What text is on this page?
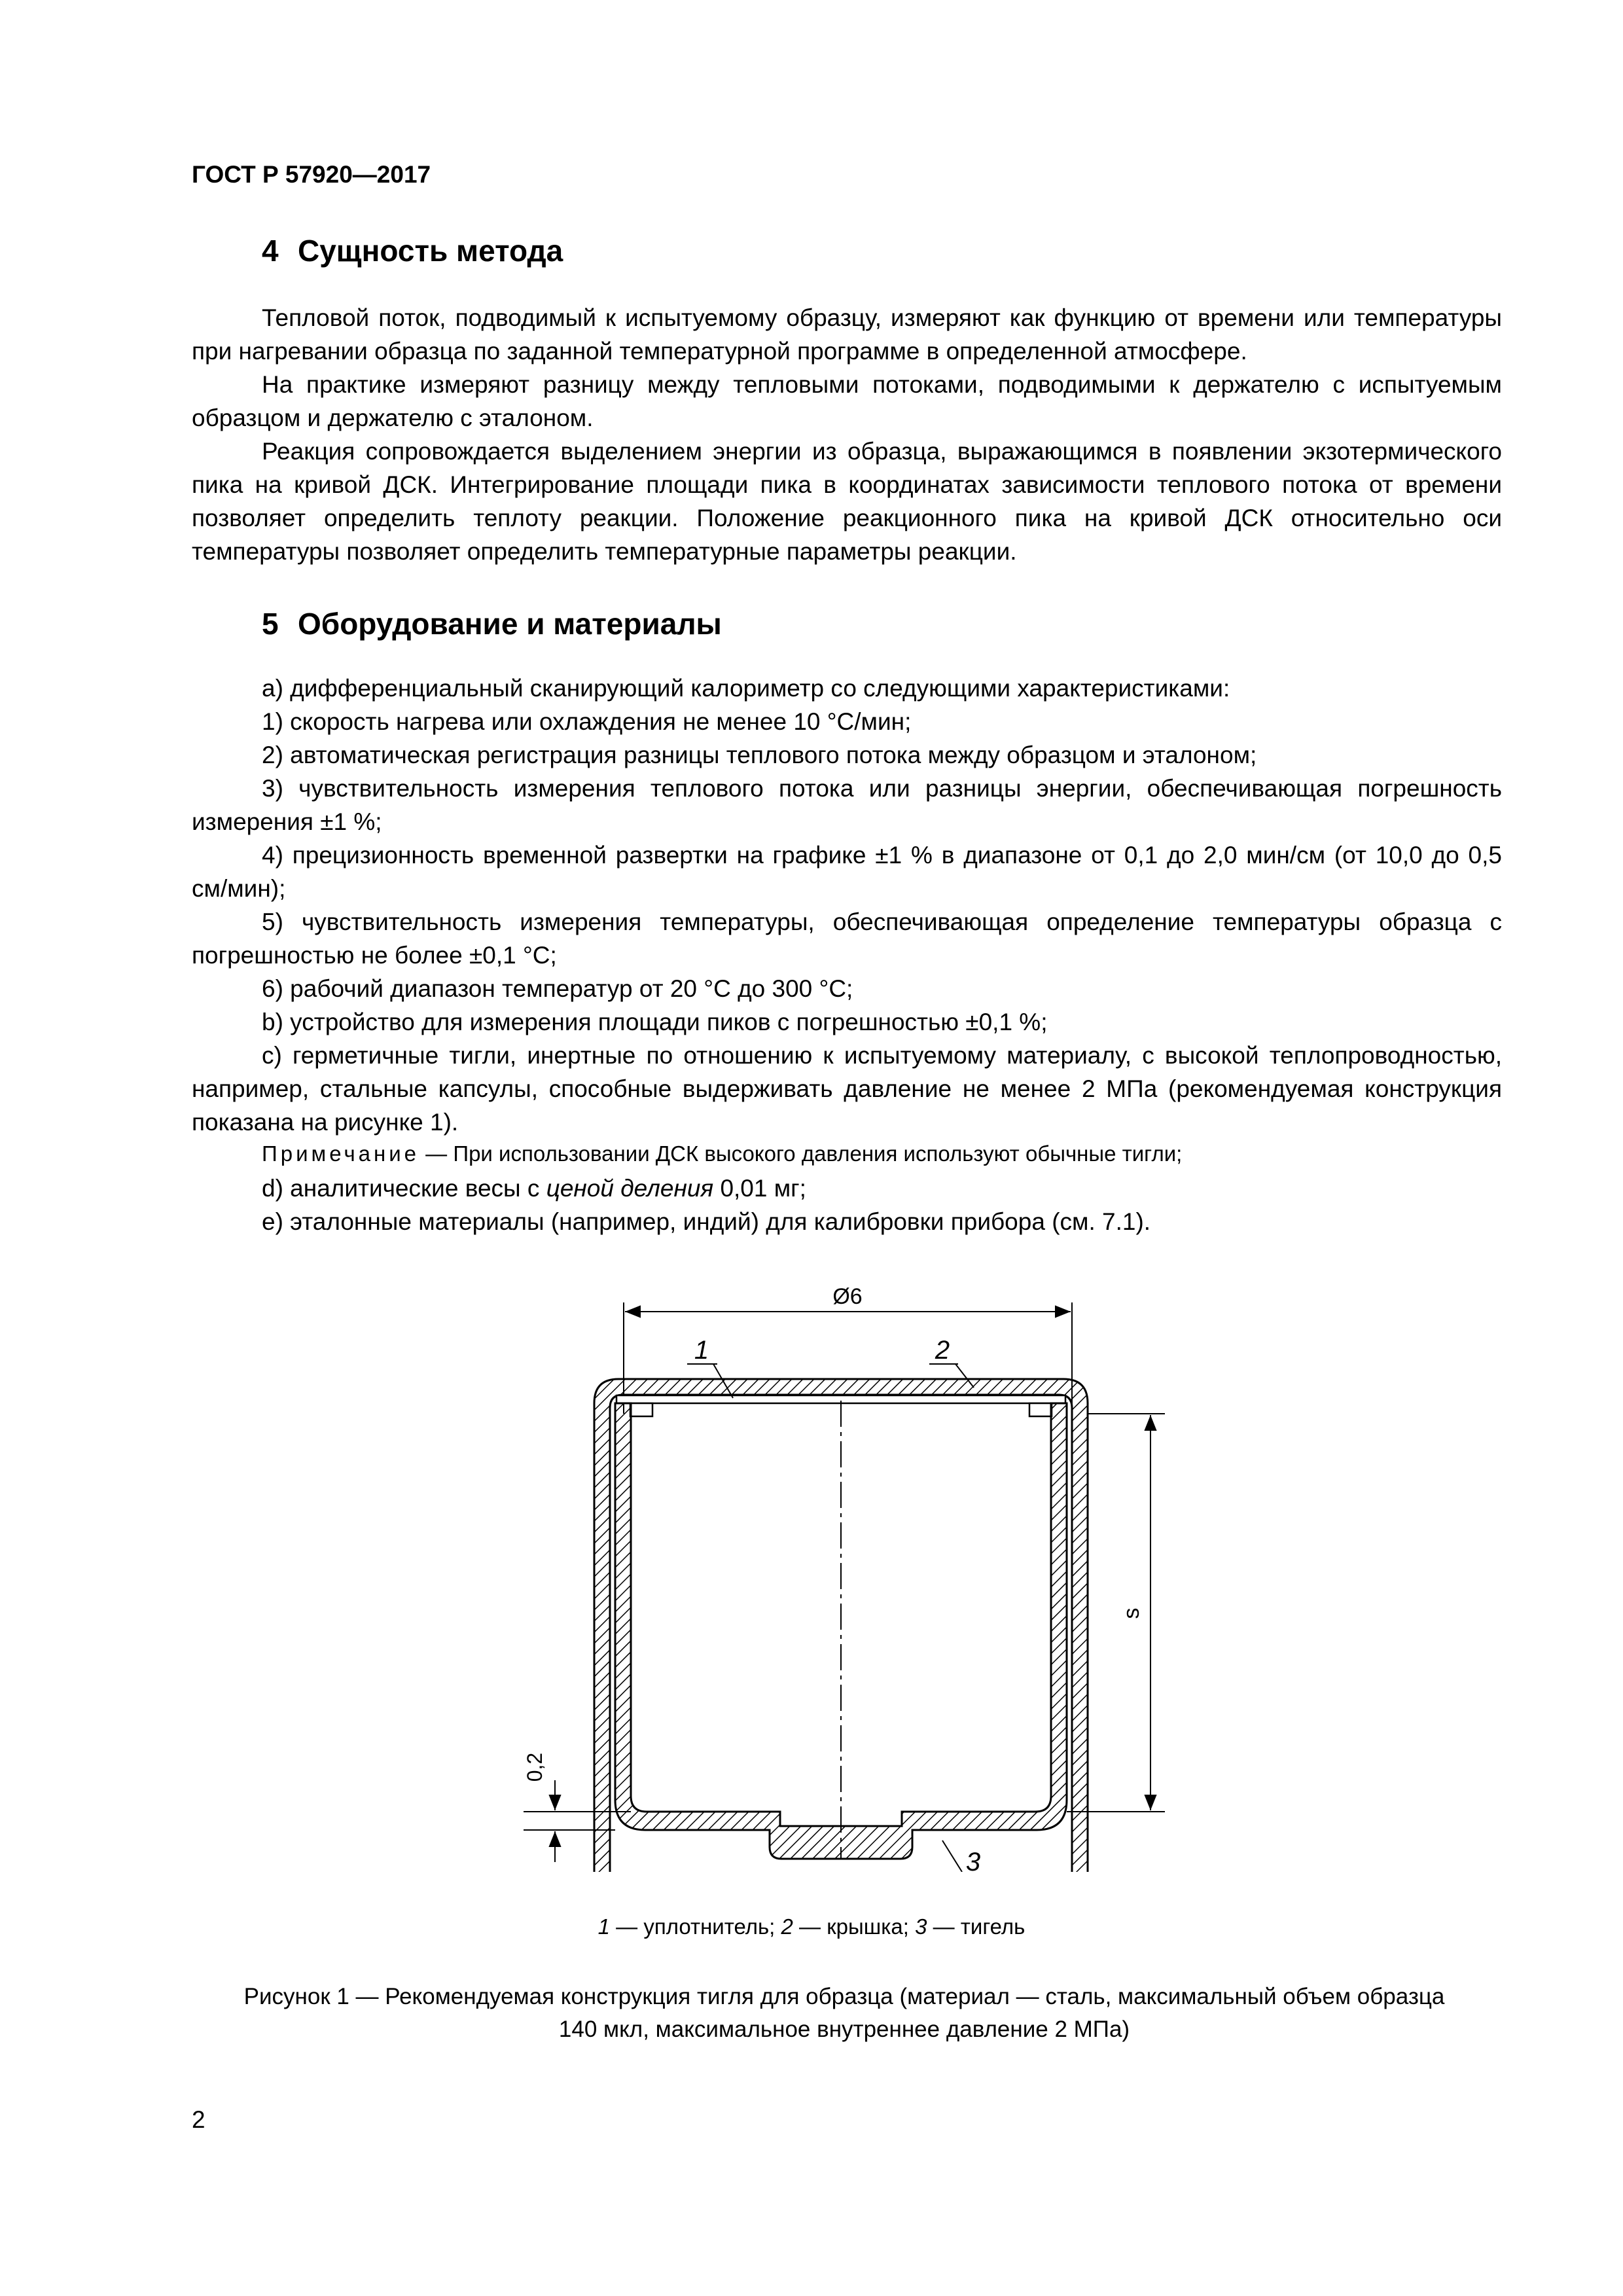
ГОСТ Р 57920—2017
4 Сущность метода

Тепловой поток, подводимый к испытуемому образцу, измеряют как функцию от времени или температуры при нагревании образца по заданной температурной программе в определенной атмосфере.

На практике измеряют разницу между тепловыми потоками, подводимыми к держателю с испытуемым образцом и держателю с эталоном.

Реакция сопровождается выделением энергии из образца, выражающимся в появлении экзотермического пика на кривой ДСК. Интегрирование площади пика в координатах зависимости теплового потока от времени позволяет определить теплоту реакции. Положение реакционного пика на кривой ДСК относительно оси температуры позволяет определить температурные параметры реакции.

5 Оборудование и материалы

а) дифференциальный сканирующий калориметр со следующими характеристиками:

1) скорость нагрева или охлаждения не менее 10 °С/мин;

2) автоматическая регистрация разницы теплового потока между образцом и эталоном;

3) чувствительность измерения теплового потока или разницы энергии, обеспечивающая погрешность измерения ±1 %;

4) прецизионность временной развертки на графике ±1 % в диапазоне от 0,1 до 2,0 мин/см (от 10,0 до 0,5 см/мин);

5) чувствительность измерения температуры, обеспечивающая определение температуры образца с погрешностью не более ±0,1 °С;

6) рабочий диапазон температур от 20 °С до 300 °С;

b) устройство для измерения площади пиков с погрешностью ±0,1 %;

c) герметичные тигли, инертные по отношению к испытуемому материалу, с высокой теплопроводностью, например, стальные капсулы, способные выдерживать давление не менее 2 МПа (рекомендуемая конструкция показана на рисунке 1).

Примечание — При использовании ДСК высокого давления используют обычные тигли;

d) аналитические весы с ценой деления 0,01 мг;

e) эталонные материалы (например, индий) для калибровки прибора (см. 7.1).

Ø6
s
0,2
1	2
3
1 — уплотнитель; 2 — крышка; 3 — тигель
Рисунок 1 — Рекомендуемая конструкция тигля для образца (материал — сталь, максимальный объем образца
140 мкл, максимальное внутреннее давление 2 МПа)
2
